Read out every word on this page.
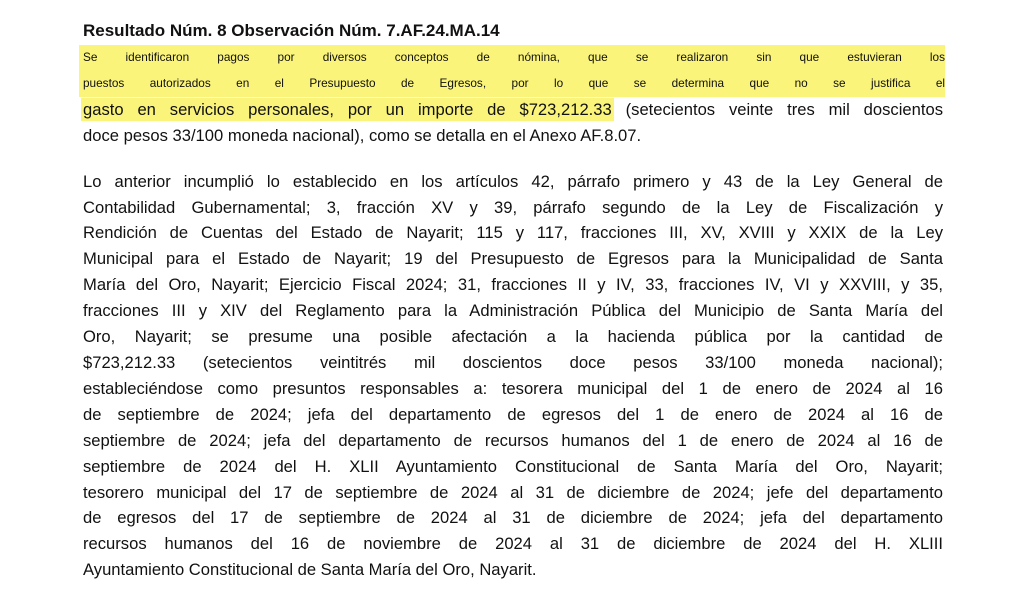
Resultado Núm. 8 Observación Núm. 7.AF.24.MA.14
Se identificaron pagos por diversos conceptos de nómina, que se realizaron sin que estuvieran los
puestos autorizados en el Presupuesto de Egresos, por lo que se determina que no se justifica el
gasto en servicios personales, por un importe de $723,212.33 (setecientos veinte tres mil doscientos
doce pesos 33/100 moneda nacional), como se detalla en el Anexo AF.8.07.
Lo anterior incumplió lo establecido en los artículos 42, párrafo primero y 43 de la Ley General de
Contabilidad Gubernamental; 3, fracción XV y 39, párrafo segundo de la Ley de Fiscalización y
Rendición de Cuentas del Estado de Nayarit; 115 y 117, fracciones III, XV, XVIII y XXIX de la Ley
Municipal para el Estado de Nayarit; 19 del Presupuesto de Egresos para la Municipalidad de Santa
María del Oro, Nayarit; Ejercicio Fiscal 2024; 31, fracciones II y IV, 33, fracciones IV, VI y XXVIII, y 35,
fracciones III y XIV del Reglamento para la Administración Pública del Municipio de Santa María del
Oro, Nayarit; se presume una posible afectación a la hacienda pública por la cantidad de
$723,212.33 (setecientos veintitrés mil doscientos doce pesos 33/100 moneda nacional);
estableciéndose como presuntos responsables a: tesorera municipal del 1 de enero de 2024 al 16
de septiembre de 2024; jefa del departamento de egresos del 1 de enero de 2024 al 16 de
septiembre de 2024; jefa del departamento de recursos humanos del 1 de enero de 2024 al 16 de
septiembre de 2024 del H. XLII Ayuntamiento Constitucional de Santa María del Oro, Nayarit;
tesorero municipal del 17 de septiembre de 2024 al 31 de diciembre de 2024; jefe del departamento
de egresos del 17 de septiembre de 2024 al 31 de diciembre de 2024; jefa del departamento
recursos humanos del 16 de noviembre de 2024 al 31 de diciembre de 2024 del H. XLIII
Ayuntamiento Constitucional de Santa María del Oro, Nayarit.
